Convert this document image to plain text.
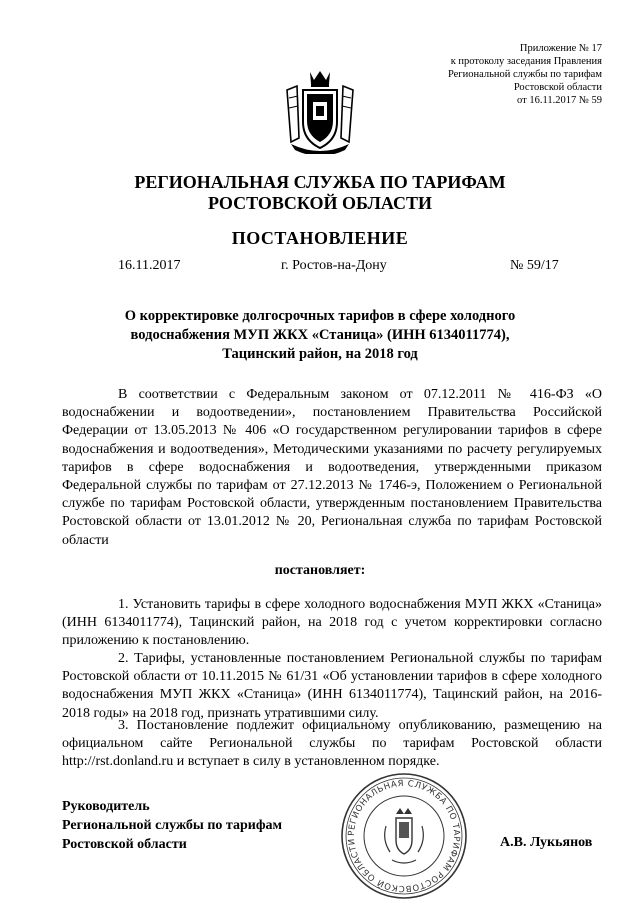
Приложение № 17
к протоколу заседания Правления
Региональной службы по тарифам
Ростовской области
от 16.11.2017 № 59
РЕГИОНАЛЬНАЯ СЛУЖБА ПО ТАРИФАМ
РОСТОВСКОЙ ОБЛАСТИ
ПОСТАНОВЛЕНИЕ
16.11.2017	г. Ростов-на-Дону	№ 59/17
О корректировке долгосрочных тарифов в сфере холодного
водоснабжения МУП ЖКХ «Станица» (ИНН 6134011774),
Тацинский район, на 2018 год
В соответствии с Федеральным законом от 07.12.2011 № 416-ФЗ «О водоснабжении и водоотведении», постановлением Правительства Российской Федерации от 13.05.2013 № 406 «О государственном регулировании тарифов в сфере водоснабжения и водоотведения», Методическими указаниями по расчету регулируемых тарифов в сфере водоснабжения и водоотведения, утвержденными приказом Федеральной службы по тарифам от 27.12.2013 № 1746-э, Положением о Региональной службе по тарифам Ростовской области, утвержденным постановлением Правительства Ростовской области от 13.01.2012 № 20, Региональная служба по тарифам Ростовской области
постановляет:
1. Установить тарифы в сфере холодного водоснабжения МУП ЖКХ «Станица» (ИНН 6134011774), Тацинский район, на 2018 год с учетом корректировки согласно приложению к постановлению.
2. Тарифы, установленные постановлением Региональной службы по тарифам Ростовской области от 10.11.2015 № 61/31 «Об установлении тарифов в сфере холодного водоснабжения МУП ЖКХ «Станица» (ИНН 6134011774), Тацинский район, на 2016-2018 годы» на 2018 год, признать утратившими силу.
3. Постановление подлежит официальному опубликованию, размещению на официальном сайте Региональной службы по тарифам Ростовской области http://rst.donland.ru и вступает в силу в установленном порядке.
РЕГИОНАЛЬНАЯ СЛУЖБА ПО ТАРИФАМ РОСТОВСКОЙ ОБЛАСТИ
Руководитель
Региональной службы по тарифам
Ростовской области	А.В. Лукьянов
